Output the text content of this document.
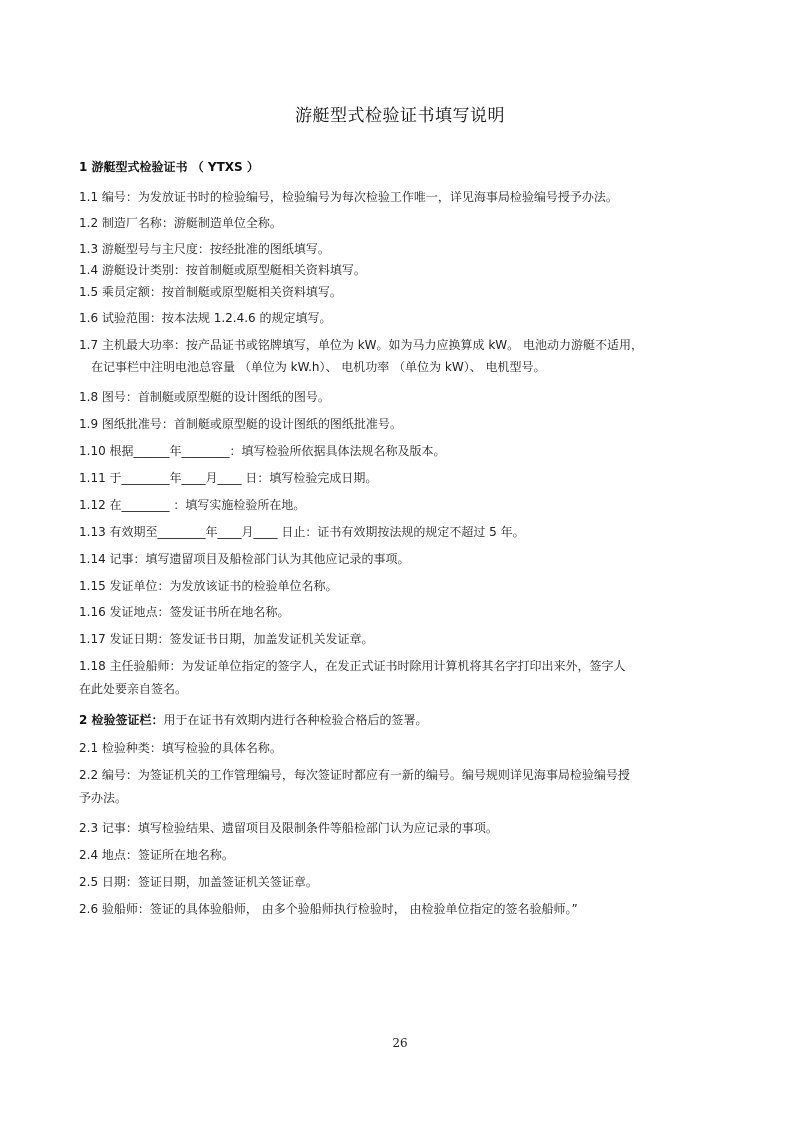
游艇型式检验证书填写说明
1 游艇型式检验证书 （ YTXS ）
1.1 编号：为发放证书时的检验编号，检验编号为每次检验工作唯一，详见海事局检验编号授予办法。
1.2 制造厂名称：游艇制造单位全称。
1.3 游艇型号与主尺度：按经批准的图纸填写。
1.4 游艇设计类别：按首制艇或原型艇相关资料填写。
1.5 乘员定额：按首制艇或原型艇相关资料填写。
1.6 试验范围：按本法规 1.2.4.6 的规定填写。
1.7 主机最大功率：按产品证书或铭牌填写，单位为 kW。如为马力应换算成 kW。 电池动力游艇不适用，
在记事栏中注明电池总容量 （单位为 kW.h）、 电机功率 （单位为 kW）、 电机型号。
1.8 图号：首制艇或原型艇的设计图纸的图号。
1.9 图纸批准号：首制艇或原型艇的设计图纸的图纸批准号。
1.10 根据______年________：填写检验所依据具体法规名称及版本。
1.11 于________年____月____ 日：填写检验完成日期。
1.12 在________ ：填写实施检验所在地。
1.13 有效期至________年____月____ 日止：证书有效期按法规的规定不超过 5 年。
1.14 记事：填写遗留项目及船检部门认为其他应记录的事项。
1.15 发证单位：为发放该证书的检验单位名称。
1.16 发证地点：签发证书所在地名称。
1.17 发证日期：签发证书日期，加盖发证机关发证章。
1.18 主任验船师：为发证单位指定的签字人，在发正式证书时除用计算机将其名字打印出来外，签字人
在此处要亲自签名。
2 检验签证栏：用于在证书有效期内进行各种检验合格后的签署。
2.1 检验种类：填写检验的具体名称。
2.2 编号：为签证机关的工作管理编号，每次签证时都应有一新的编号。编号规则详见海事局检验编号授
予办法。
2.3 记事：填写检验结果、遗留项目及限制条件等船检部门认为应记录的事项。
2.4 地点：签证所在地名称。
2.5 日期：签证日期，加盖签证机关签证章。
2.6 验船师：签证的具体验船师， 由多个验船师执行检验时， 由检验单位指定的签名验船师。”
26
